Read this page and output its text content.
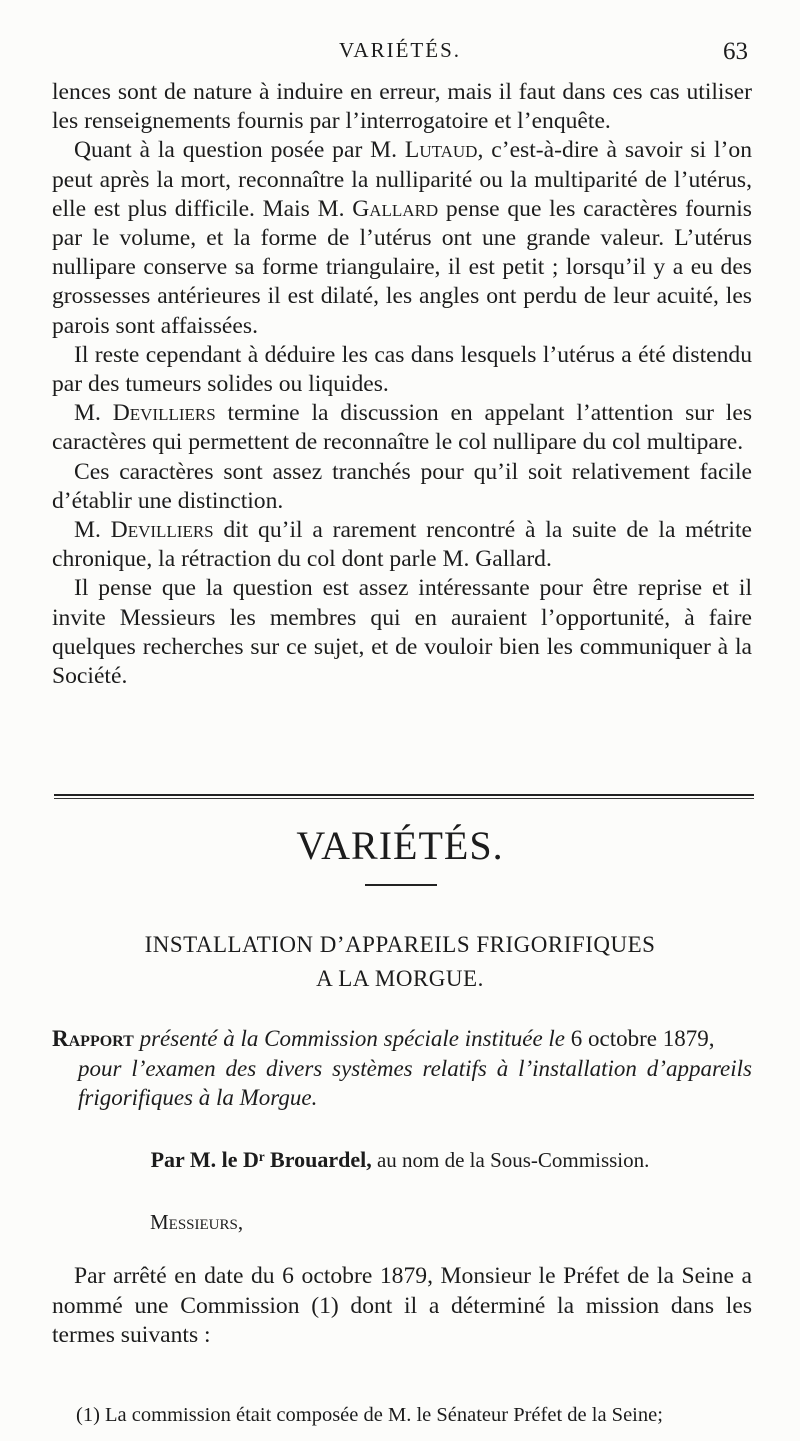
VARIÉTÉS.	63

lences sont de nature à induire en erreur, mais il faut dans ces cas utiliser les renseignements fournis par l’interrogatoire et l’enquête.

Quant à la question posée par M. Lutaud, c’est-à-dire à savoir si l’on peut après la mort, reconnaître la nulliparité ou la multiparité de l’utérus, elle est plus difficile. Mais M. Gallard pense que les caractères fournis par le volume, et la forme de l’utérus ont une grande valeur. L’utérus nullipare conserve sa forme triangulaire, il est petit ; lorsqu’il y a eu des grossesses antérieures il est dilaté, les angles ont perdu de leur acuité, les parois sont affaissées.

Il reste cependant à déduire les cas dans lesquels l’utérus a été distendu par des tumeurs solides ou liquides.

M. Devilliers termine la discussion en appelant l’attention sur les caractères qui permettent de reconnaître le col nullipare du col multipare.

Ces caractères sont assez tranchés pour qu’il soit relativement facile d’établir une distinction.

M. Devilliers dit qu’il a rarement rencontré à la suite de la métrite chronique, la rétraction du col dont parle M. Gallard.

Il pense que la question est assez intéressante pour être reprise et il invite Messieurs les membres qui en auraient l’opportunité, à faire quelques recherches sur ce sujet, et de vouloir bien les communiquer à la Société.

VARIÉTÉS.
INSTALLATION D’APPAREILS FRIGORIFIQUES
A LA MORGUE.
Rapport présenté à la Commission spéciale instituée le 6 octobre 1879,
pour l’examen des divers systèmes relatifs à l’installation d’appareils frigorifiques à la Morgue.
Par M. le Dʳ Brouardel, au nom de la Sous-Commission.
Messieurs,

Par arrêté en date du 6 octobre 1879, Monsieur le Préfet de la Seine a nommé une Commission (1) dont il a déterminé la mission dans les termes suivants :

(1) La commission était composée de M. le Sénateur Préfet de la Seine;
